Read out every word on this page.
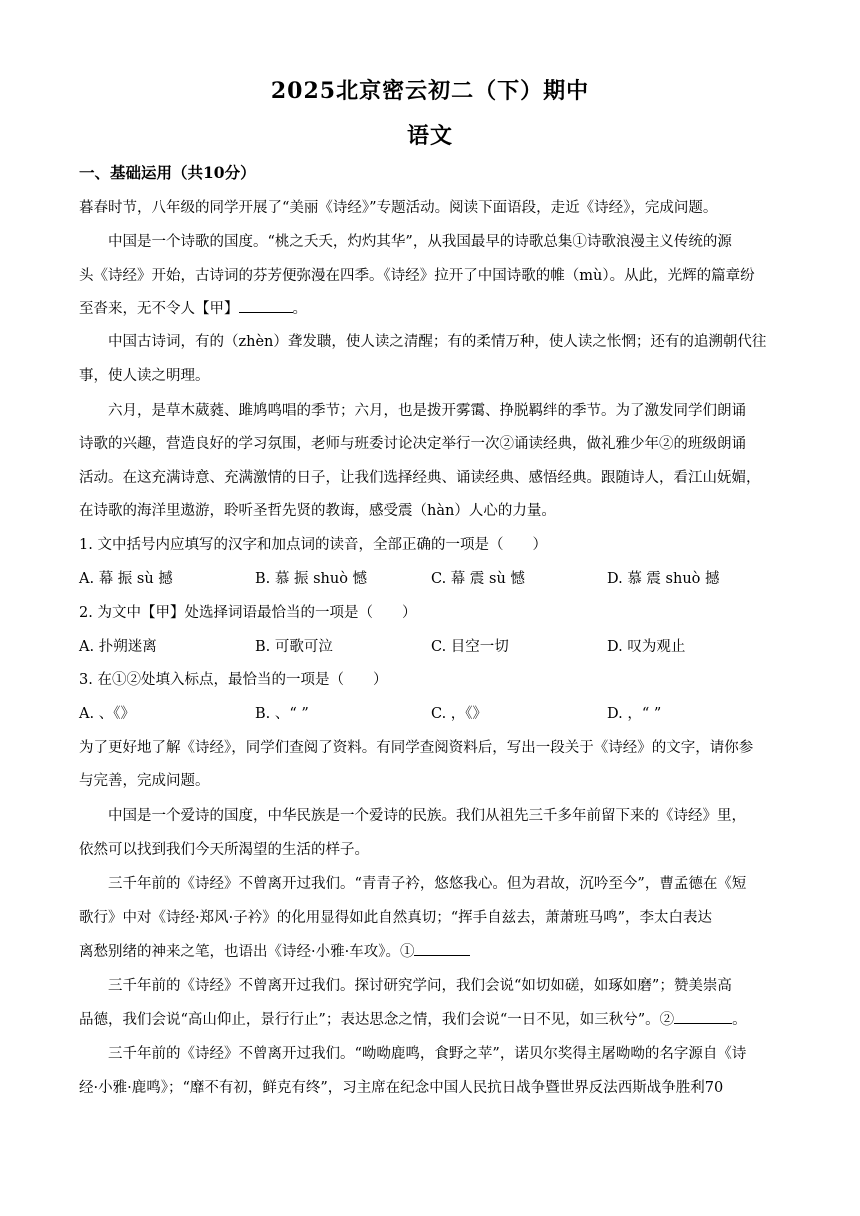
2025北京密云初二（下）期中
语文
一、基础运用（共10分）
暮春时节，八年级的同学开展了“美丽《诗经》”专题活动。阅读下面语段，走近《诗经》，完成问题。
中国是一个诗歌的国度。“桃之夭夭，灼灼其华”，从我国最早的诗歌总集①诗歌浪漫主义传统的源
头《诗经》开始，古诗词的芬芳便弥漫在四季。《诗经》拉开了中国诗歌的帷（mù）。从此，光辉的篇章纷
至沓来，无不令人【甲】	。
中国古诗词，有的（zhèn）聋发聩，使人读之清醒；有的柔情万种，使人读之怅惘；还有的追溯朝代往
事，使人读之明理。
六月，是草木葳蕤、雎鸠鸣唱的季节；六月，也是拨开雾霭、挣脱羁绊的季节。为了激发同学们朗诵
诗歌的兴趣，营造良好的学习氛围，老师与班委讨论决定举行一次②诵读经典，做礼雅少年②的班级朗诵
活动。在这充满诗意、充满激情的日子，让我们选择经典、诵读经典、感悟经典。跟随诗人，看江山妩媚，
在诗歌的海洋里遨游，聆听圣哲先贤的教诲，感受震（hàn）人心的力量。
1. 文中括号内应填写的汉字和加点词的读音，全部正确的一项是（　　）
A. 幕 振 sù 撼	B. 慕 振 shuò 憾	C. 幕 震 sù 憾	D. 慕 震 shuò 撼
2. 为文中【甲】处选择词语最恰当的一项是（　　）
A. 扑朔迷离	B. 可歌可泣	C. 目空一切	D. 叹为观止
3. 在①②处填入标点，最恰当的一项是（　　）
A. 、《》	B. 、“ ”	C. ，《》	D. ，“ ”
为了更好地了解《诗经》，同学们查阅了资料。有同学查阅资料后，写出一段关于《诗经》的文字，请你参
与完善，完成问题。
中国是一个爱诗的国度，中华民族是一个爱诗的民族。我们从祖先三千多年前留下来的《诗经》里，
依然可以找到我们今天所渴望的生活的样子。
三千年前的《诗经》不曾离开过我们。“青青子衿，悠悠我心。但为君故，沉吟至今”，曹孟德在《短
歌行》中对《诗经·郑风·子衿》的化用显得如此自然真切；“挥手自兹去，萧萧班马鸣”，李太白表达
离愁别绪的神来之笔，也语出《诗经·小雅·车攻》。①
三千年前的《诗经》不曾离开过我们。探讨研究学问，我们会说“如切如磋，如琢如磨”；赞美崇高
品德，我们会说“高山仰止，景行行止”；表达思念之情，我们会说“一日不见，如三秋兮”。②	。
三千年前的《诗经》不曾离开过我们。“呦呦鹿鸣，食野之苹”，诺贝尔奖得主屠呦呦的名字源自《诗
经·小雅·鹿鸣》；“靡不有初，鲜克有终”，习主席在纪念中国人民抗日战争暨世界反法西斯战争胜利70
